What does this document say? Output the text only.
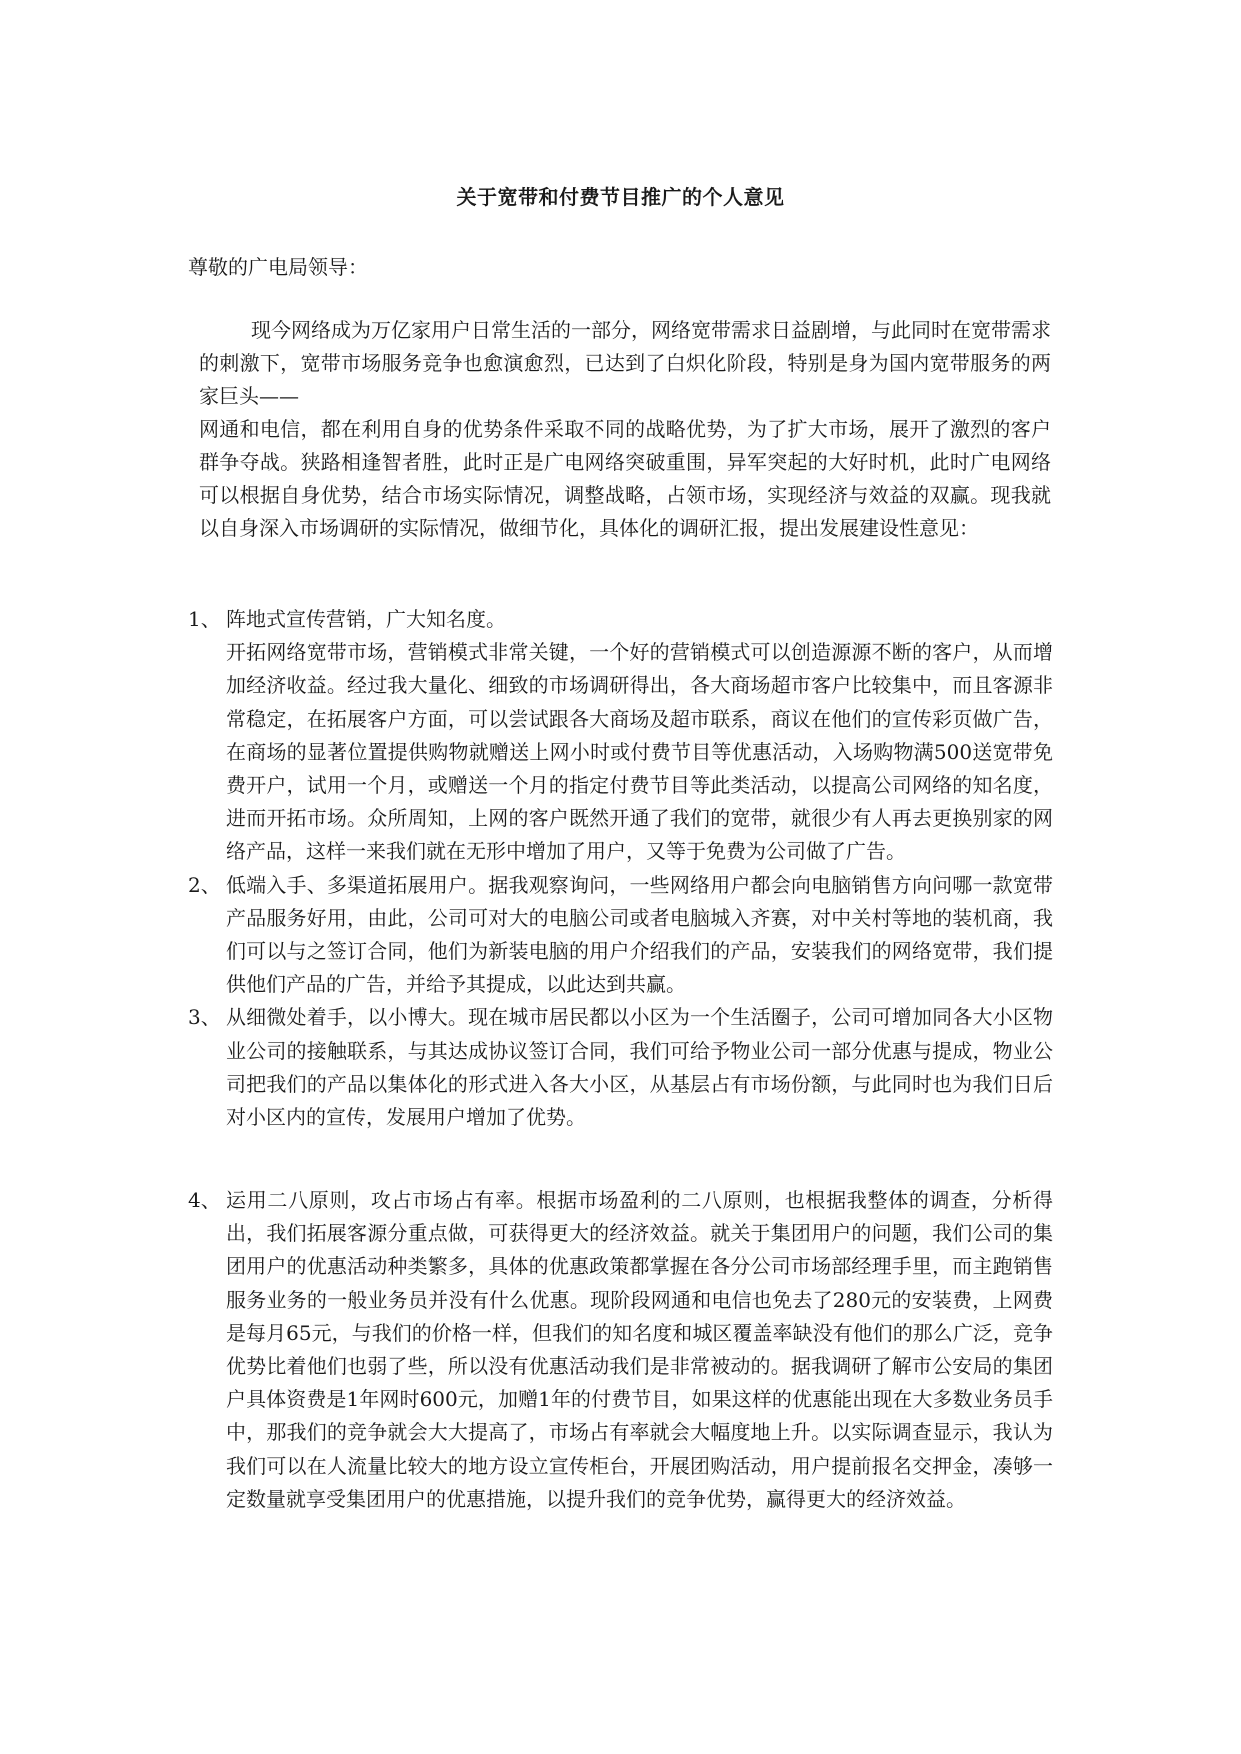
关于宽带和付费节目推广的个人意见
尊敬的广电局领导：

现今网络成为万亿家用户日常生活的一部分，网络宽带需求日益剧增，与此同时在宽带需求的刺激下，宽带市场服务竞争也愈演愈烈，已达到了白炽化阶段，特别是身为国内宽带服务的两家巨头——

网通和电信，都在利用自身的优势条件采取不同的战略优势，为了扩大市场，展开了激烈的客户群争夺战。狭路相逢智者胜，此时正是广电网络突破重围，异军突起的大好时机，此时广电网络可以根据自身优势，结合市场实际情况，调整战略，占领市场，实现经济与效益的双赢。现我就以自身深入市场调研的实际情况，做细节化，具体化的调研汇报，提出发展建设性意见：

1、 阵地式宣传营销，广大知名度。
开拓网络宽带市场，营销模式非常关键，一个好的营销模式可以创造源源不断的客户，从而增加经济收益。经过我大量化、细致的市场调研得出，各大商场超市客户比较集中，而且客源非常稳定，在拓展客户方面，可以尝试跟各大商场及超市联系，商议在他们的宣传彩页做广告，在商场的显著位置提供购物就赠送上网小时或付费节目等优惠活动，入场购物满500送宽带免费开户，试用一个月，或赠送一个月的指定付费节目等此类活动，以提高公司网络的知名度，进而开拓市场。众所周知，上网的客户既然开通了我们的宽带，就很少有人再去更换别家的网络产品，这样一来我们就在无形中增加了用户，又等于免费为公司做了广告。
2、 低端入手、多渠道拓展用户。据我观察询问，一些网络用户都会向电脑销售方向问哪一款宽带产品服务好用，由此，公司可对大的电脑公司或者电脑城入齐赛，对中关村等地的装机商，我们可以与之签订合同，他们为新装电脑的用户介绍我们的产品，安装我们的网络宽带，我们提供他们产品的广告，并给予其提成，以此达到共赢。
3、 从细微处着手，以小博大。现在城市居民都以小区为一个生活圈子，公司可增加同各大小区物业公司的接触联系，与其达成协议签订合同，我们可给予物业公司一部分优惠与提成，物业公司把我们的产品以集体化的形式进入各大小区，从基层占有市场份额，与此同时也为我们日后对小区内的宣传，发展用户增加了优势。
4、 运用二八原则，攻占市场占有率。根据市场盈利的二八原则，也根据我整体的调查，分析得出，我们拓展客源分重点做，可获得更大的经济效益。就关于集团用户的问题，我们公司的集团用户的优惠活动种类繁多，具体的优惠政策都掌握在各分公司市场部经理手里，而主跑销售服务业务的一般业务员并没有什么优惠。现阶段网通和电信也免去了280元的安装费，上网费是每月65元，与我们的价格一样，但我们的知名度和城区覆盖率缺没有他们的那么广泛，竞争优势比着他们也弱了些，所以没有优惠活动我们是非常被动的。据我调研了解市公安局的集团户具体资费是1年网时600元，加赠1年的付费节目，如果这样的优惠能出现在大多数业务员手中，那我们的竞争就会大大提高了，市场占有率就会大幅度地上升。以实际调查显示，我认为我们可以在人流量比较大的地方设立宣传柜台，开展团购活动，用户提前报名交押金，凑够一定数量就享受集团用户的优惠措施，以提升我们的竞争优势，赢得更大的经济效益。
